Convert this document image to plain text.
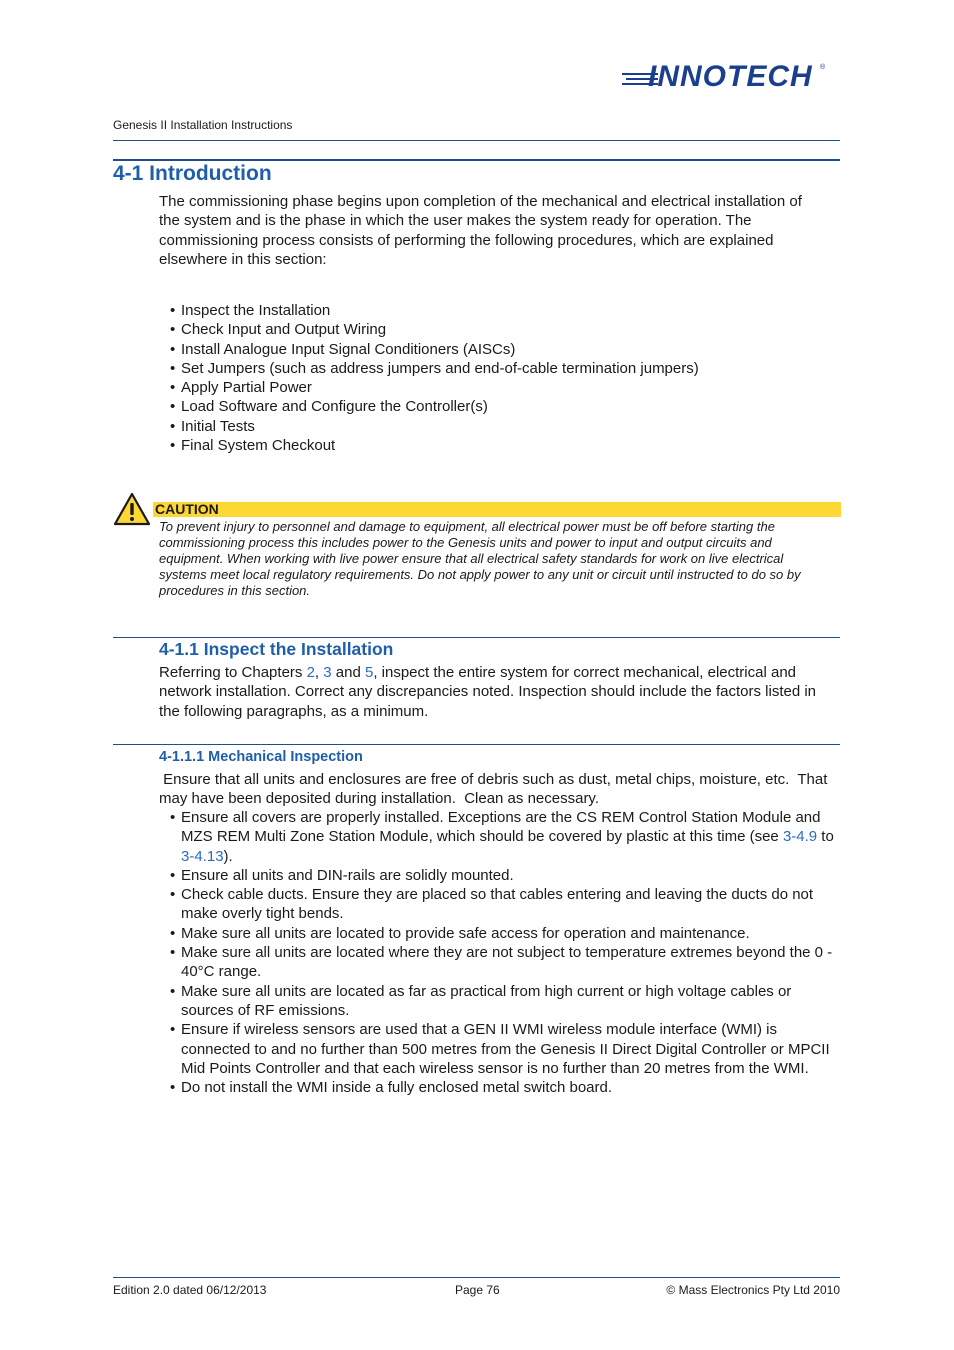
INNOTECH ®
Genesis II Installation Instructions
4-1 Introduction
The commissioning phase begins upon completion of the mechanical and electrical installation of the system and is the phase in which the user makes the system ready for operation. The commissioning process consists of performing the following procedures, which are explained elsewhere in this section:
• Inspect the Installation
• Check Input and Output Wiring
• Install Analogue Input Signal Conditioners (AISCs)
• Set Jumpers (such as address jumpers and end-of-cable termination jumpers)
• Apply Partial Power
• Load Software and Configure the Controller(s)
• Initial Tests
• Final System Checkout
CAUTION
To prevent injury to personnel and damage to equipment, all electrical power must be off before starting the commissioning process this includes power to the Genesis units and power to input and output circuits and equipment. When working with live power ensure that all electrical safety standards for work on live electrical systems meet local regulatory requirements. Do not apply power to any unit or circuit until instructed to do so by procedures in this section.
4-1.1 Inspect the Installation
Referring to Chapters 2, 3 and 5, inspect the entire system for correct mechanical, electrical and network installation. Correct any discrepancies noted. Inspection should include the factors listed in the following paragraphs, as a minimum.
4-1.1.1 Mechanical Inspection
Ensure that all units and enclosures are free of debris such as dust, metal chips, moisture, etc.  That may have been deposited during installation.  Clean as necessary.
• Ensure all covers are properly installed. Exceptions are the CS REM Control Station Module and MZS REM Multi Zone Station Module, which should be covered by plastic at this time (see 3-4.9 to 3-4.13).
• Ensure all units and DIN-rails are solidly mounted.
• Check cable ducts. Ensure they are placed so that cables entering and leaving the ducts do not make overly tight bends.
• Make sure all units are located to provide safe access for operation and maintenance.
• Make sure all units are located where they are not subject to temperature extremes beyond the 0 - 40°C range.
• Make sure all units are located as far as practical from high current or high voltage cables or sources of RF emissions.
• Ensure if wireless sensors are used that a GEN II WMI wireless module interface (WMI) is connected to and no further than 500 metres from the Genesis II Direct Digital Controller or MPCII Mid Points Controller and that each wireless sensor is no further than 20 metres from the WMI.
• Do not install the WMI inside a fully enclosed metal switch board.
Edition 2.0 dated 06/12/2013	Page 76	© Mass Electronics Pty Ltd 2010
